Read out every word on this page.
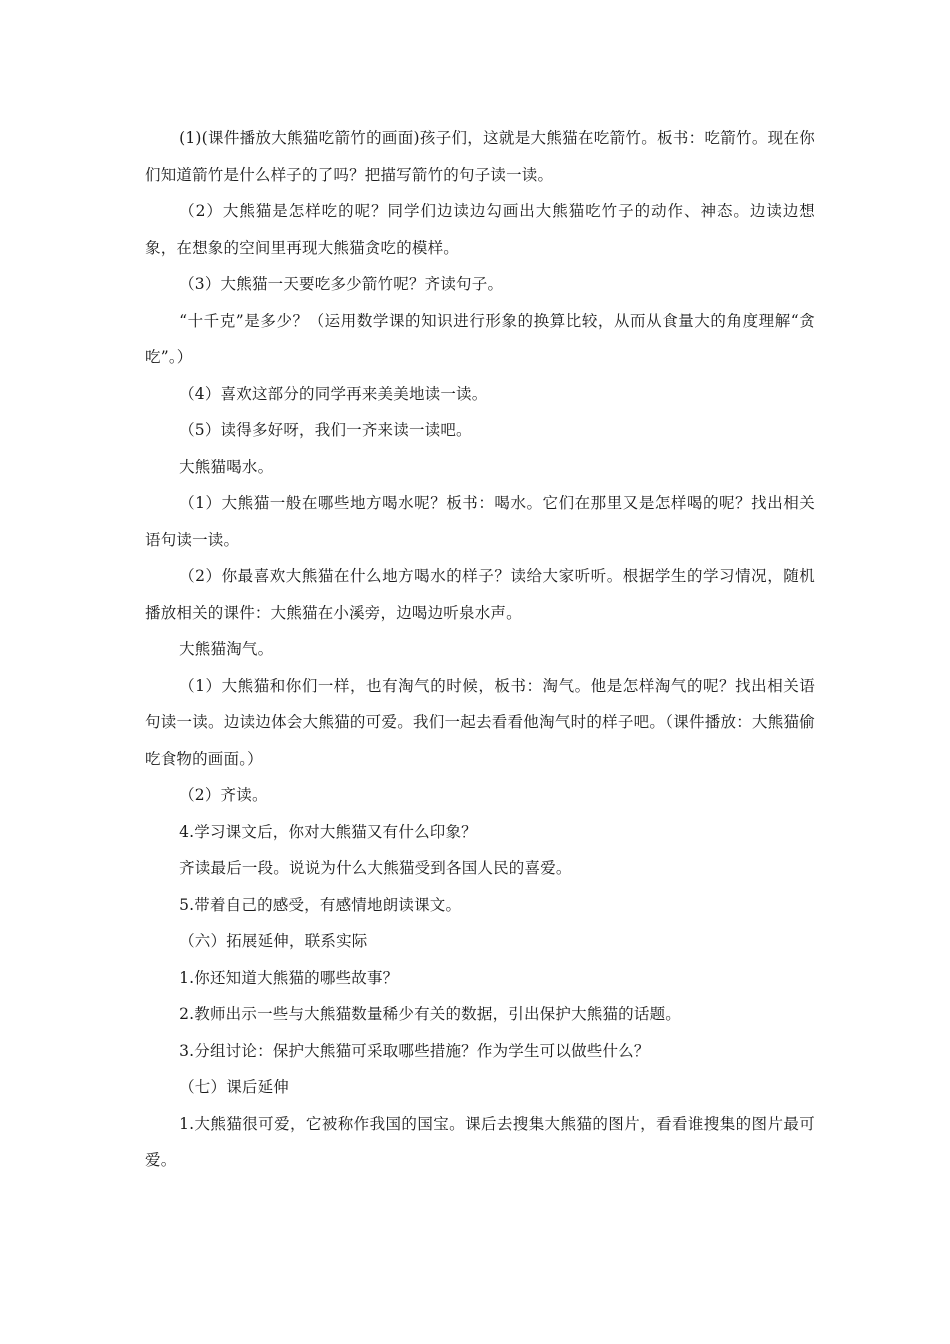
(1)(课件播放大熊猫吃箭竹的画面)孩子们，这就是大熊猫在吃箭竹。板书：吃箭竹。现在你们知道箭竹是什么样子的了吗？把描写箭竹的句子读一读。

（2）大熊猫是怎样吃的呢？同学们边读边勾画出大熊猫吃竹子的动作、神态。边读边想象，在想象的空间里再现大熊猫贪吃的模样。

（3）大熊猫一天要吃多少箭竹呢？齐读句子。

“十千克”是多少？（运用数学课的知识进行形象的换算比较，从而从食量大的角度理解“贪吃”。）

（4）喜欢这部分的同学再来美美地读一读。

（5）读得多好呀，我们一齐来读一读吧。

大熊猫喝水。

（1）大熊猫一般在哪些地方喝水呢？板书：喝水。它们在那里又是怎样喝的呢？找出相关语句读一读。

（2）你最喜欢大熊猫在什么地方喝水的样子？读给大家听听。根据学生的学习情况，随机播放相关的课件：大熊猫在小溪旁，边喝边听泉水声。

大熊猫淘气。

（1）大熊猫和你们一样，也有淘气的时候，板书：淘气。他是怎样淘气的呢？找出相关语句读一读。边读边体会大熊猫的可爱。我们一起去看看他淘气时的样子吧。（课件播放：大熊猫偷吃食物的画面。）

（2）齐读。

4.学习课文后，你对大熊猫又有什么印象？

齐读最后一段。说说为什么大熊猫受到各国人民的喜爱。

5.带着自己的感受，有感情地朗读课文。

（六）拓展延伸，联系实际

1.你还知道大熊猫的哪些故事？

2.教师出示一些与大熊猫数量稀少有关的数据，引出保护大熊猫的话题。

3.分组讨论：保护大熊猫可采取哪些措施？作为学生可以做些什么？

（七）课后延伸

1.大熊猫很可爱，它被称作我国的国宝。课后去搜集大熊猫的图片，看看谁搜集的图片最可爱。
